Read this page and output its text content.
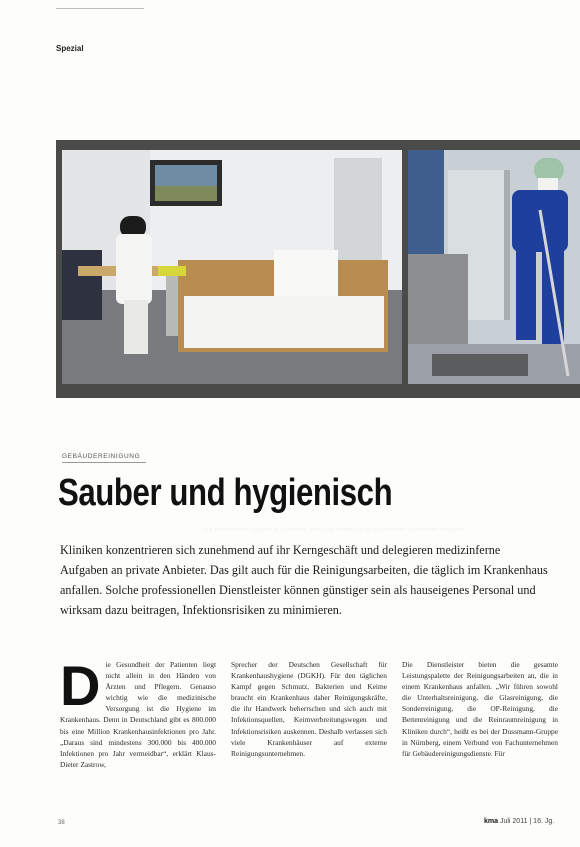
Spezial
Kampf gegen das Unsichtbare: Eine professionelle Hygiene ist so wertvoll, dass viele Kliniken sie an spezialisierte Dienstleister auslagern
GEBÄUDEREINIGUNG
Sauber und hygienisch
Kliniken konzentrieren sich zunehmend auf ihr Kerngeschäft und delegieren medizinferne Aufgaben an private Anbieter. Das gilt auch für die Reinigungsarbeiten, die täglich im Krankenhaus anfallen. Solche professionellen Dienstleister können günstiger sein als hauseigenes Personal und wirksam dazu beitragen, Infektionsrisiken zu minimieren.
Die Gesundheit der Patienten liegt nicht allein in den Händen von Ärzten und Pflegern. Genauso wichtig wie die medizinische Versorgung ist die Hygiene im Krankenhaus. Denn in Deutschland gibt es 800.000 bis eine Million Krankenhausinfektionen pro Jahr. „Daraus sind mindestens 300.000 bis 400.000 Infektionen pro Jahr vermeidbar“, erklärt Klaus-Dieter Zastrow,
Sprecher der Deutschen Gesellschaft für Krankenhaushygiene (DGKH). Für den täglichen Kampf gegen Schmutz, Bakterien und Keime braucht ein Krankenhaus daher Reinigungskräfte, die ihr Handwerk beherrschen und sich auch mit Infektionsquellen, Keimverbreitungswegen und Infektionsrisiken auskennen. Deshalb verlassen sich viele Krankenhäuser auf externe Reinigungsunternehmen.
Die Dienstleister bieten die gesamte Leistungspalette der Reinigungsarbeiten an, die in einem Krankenhaus anfallen. „Wir führen sowohl die Unterhaltsreinigung, die Glasreinigung, die Sonderreinigung, die OP-Reinigung, die Bettenreinigung und die Reinraumreinigung in Kliniken durch“, heißt es bei der Dussmann-Gruppe in Nürnberg, einem Verbund von Fachunternehmen für Gebäudereinigungsdienste. Für
38	kma Juli 2011 | 16. Jg.
